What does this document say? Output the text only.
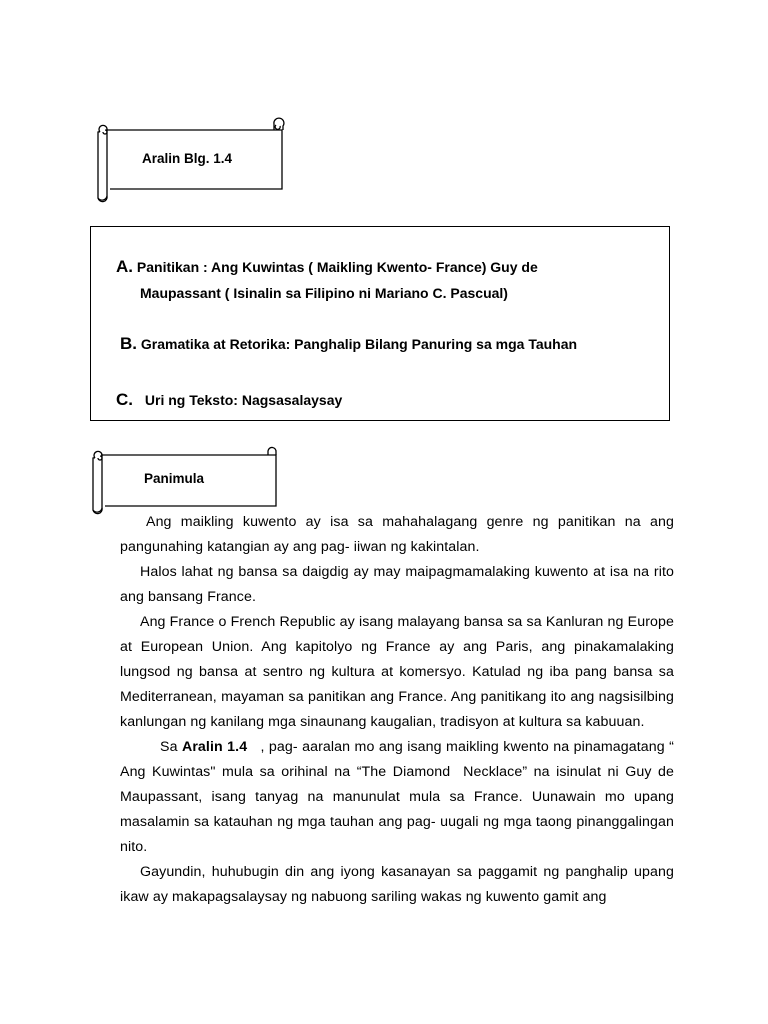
Aralin Blg. 1.4
A. Panitikan : Ang Kuwintas ( Maikling Kwento- France) Guy de
Maupassant ( Isinalin sa Filipino ni Mariano C. Pascual)
B. Gramatika at Retorika: Panghalip Bilang Panuring sa mga Tauhan
C. Uri ng Teksto: Nagsasalaysay
Panimula

Ang maikling kuwento ay isa sa mahahalagang genre ng panitikan na ang pangunahing katangian ay ang pag- iiwan ng kakintalan.

Halos lahat ng bansa sa daigdig ay may maipagmamalaking kuwento at isa na rito ang bansang France.

Ang France o French Republic ay isang malayang bansa sa sa Kanluran ng Europe at European Union. Ang kapitolyo ng France ay ang Paris, ang pinakamalaking lungsod ng bansa at sentro ng kultura at komersyo. Katulad ng iba pang bansa sa Mediterranean, mayaman sa panitikan ang France. Ang panitikang ito ang nagsisilbing kanlungan ng kanilang mga sinaunang kaugalian, tradisyon at kultura sa kabuuan.

Sa Aralin 1.4   , pag- aaralan mo ang isang maikling kwento na pinamagatang “ Ang Kuwintas" mula sa orihinal na “The Diamond  Necklace” na isinulat ni Guy de Maupassant, isang tanyag na manunulat mula sa France. Uunawain mo upang masalamin sa katauhan ng mga tauhan ang pag- uugali ng mga taong pinanggalingan nito.

Gayundin, huhubugin din ang iyong kasanayan sa paggamit ng panghalip upang ikaw ay makapagsalaysay ng nabuong sariling wakas ng kuwento gamit ang
